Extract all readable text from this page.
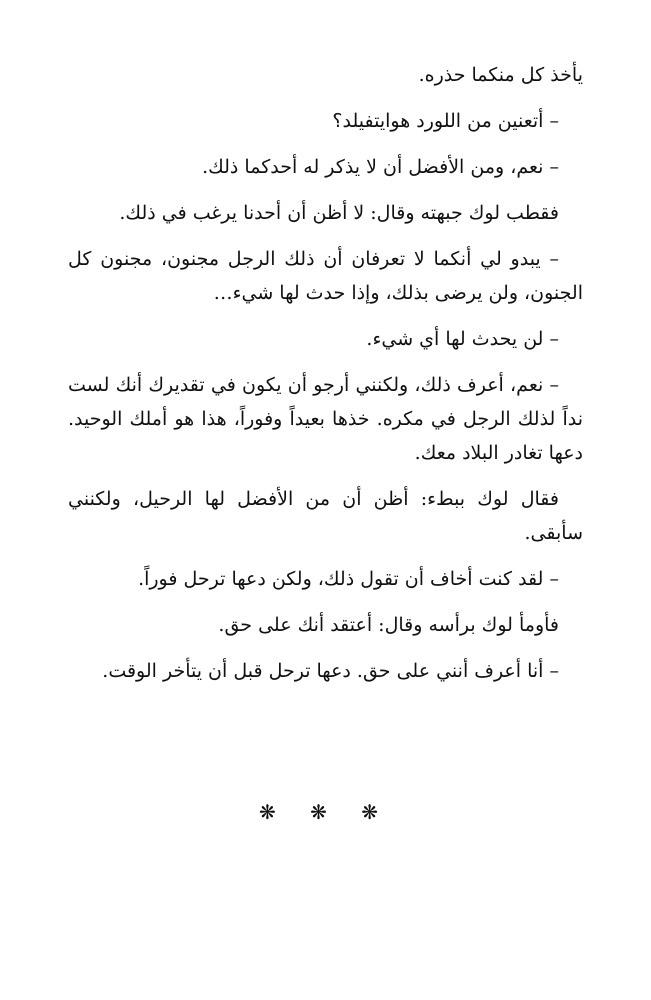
يأخذ كل منكما حذره.

– أتعنين من اللورد هوايتفيلد؟

– نعم، ومن الأفضل أن لا يذكر له أحدكما ذلك.

فقطب لوك جبهته وقال: لا أظن أن أحدنا يرغب في ذلك.

– يبدو لي أنكما لا تعرفان أن ذلك الرجل مجنون، مجنون كل الجنون، ولن يرضى بذلك، وإذا حدث لها شيء…

– لن يحدث لها أي شيء.

– نعم، أعرف ذلك، ولكنني أرجو أن يكون في تقديرك أنك لست نداً لذلك الرجل في مكره. خذها بعيداً وفوراً، هذا هو أملك الوحيد. دعها تغادر البلاد معك.

فقال لوك ببطء: أظن أن من الأفضل لها الرحيل، ولكنني سأبقى.

– لقد كنت أخاف أن تقول ذلك، ولكن دعها ترحل فوراً.

فأومأ لوك برأسه وقال: أعتقد أنك على حق.

– أنا أعرف أنني على حق. دعها ترحل قبل أن يتأخر الوقت.

❋ ❋ ❋
